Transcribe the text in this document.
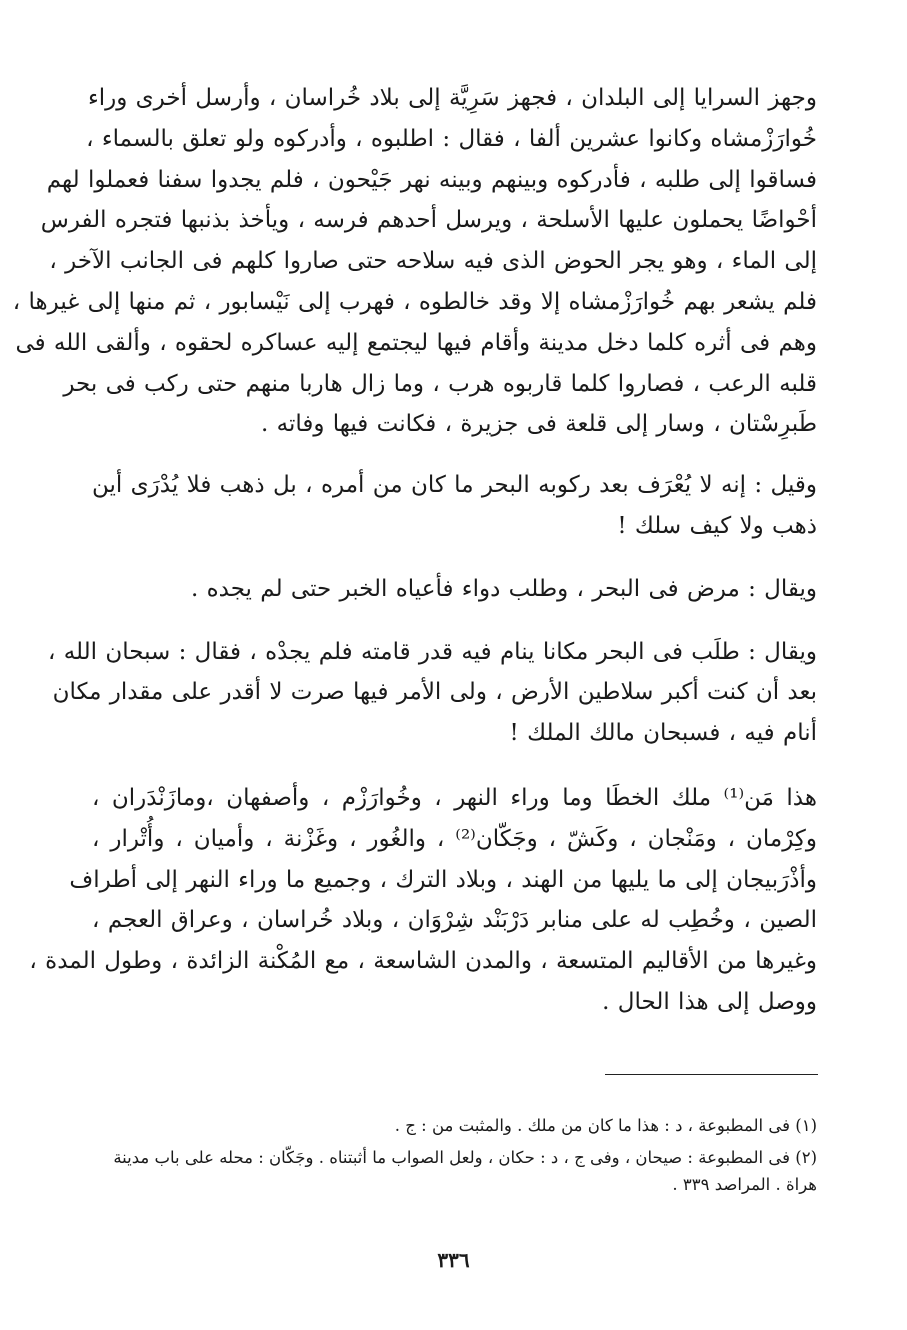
وجهز السرايا إلى البلدان ، فجهز سَرِيَّة إلى بلاد خُراسان ، وأرسل أخرى وراء
خُوارَزْمشاه وكانوا عشرين ألفا ، فقال : اطلبوه ، وأدركوه ولو تعلق بالسماء ،
فساقوا إلى طلبه ، فأدركوه وبينهم وبينه نهر جَيْحون ، فلم يجدوا سفنا فعملوا لهم
أحْواضًا يحملون عليها الأسلحة ، ويرسل أحدهم فرسه ، ويأخذ بذنبها فتجره الفرس
إلى الماء ، وهو يجر الحوض الذى فيه سلاحه حتى صاروا كلهم فى الجانب الآخر ،
فلم يشعر بهم خُوارَزْمشاه إلا وقد خالطوه ، فهرب إلى نَيْسابور ، ثم منها إلى غيرها ،
وهم فى أثره كلما دخل مدينة وأقام فيها ليجتمع إليه عساكره لحقوه ، وألقى الله فى
قلبه الرعب ، فصاروا كلما قاربوه هرب ، وما زال هاربا منهم حتى ركب فى بحر
طَبرِسْتان ، وسار إلى قلعة فى جزيرة ، فكانت فيها وفاته .

وقيل : إنه لا يُعْرَف بعد ركوبه البحر ما كان من أمره ، بل ذهب فلا يُدْرَى أين
ذهب ولا كيف سلك !

ويقال : مرض فى البحر ، وطلب دواء فأعياه الخبر حتى لم يجده .

ويقال : طلَب فى البحر مكانا ينام فيه قدر قامته فلم يجدْه ، فقال : سبحان الله ،
بعد أن كنت أكبر سلاطين الأرض ، ولى الأمر فيها صرت لا أقدر على مقدار مكان
أنام فيه ، فسبحان مالك الملك !

هذا مَن⁽¹⁾ ملك الخطَا وما وراء النهر ، وخُوارَزْم ، وأصفهان ،ومازَنْدَران ،
وكِرْمان ، ومَنْجان ، وكَشّ ، وجَكّان⁽²⁾ ، والغُور ، وغَزْنة ، وأميان ، وأُتْرار ،
وأذْرَبيجان إلى ما يليها من الهند ، وبلاد الترك ، وجميع ما وراء النهر إلى أطراف
الصين ، وخُطِب له على منابر دَرْبَنْد شِرْوَان ، وبلاد خُراسان ، وعراق العجم ،
وغيرها من الأقاليم المتسعة ، والمدن الشاسعة ، مع المُكْنة الزائدة ، وطول المدة ،
ووصل إلى هذا الحال .

(١) فى المطبوعة ، د : هذا ما كان من ملك . والمثبت من : ج .

(٢) فى المطبوعة : صيحان ، وفى ج ، د : حكان ، ولعل الصواب ما أثبتناه . وجَكّان : محله على باب مدينة
هراة . المراصد ٣٣٩ .

٣٣٦
